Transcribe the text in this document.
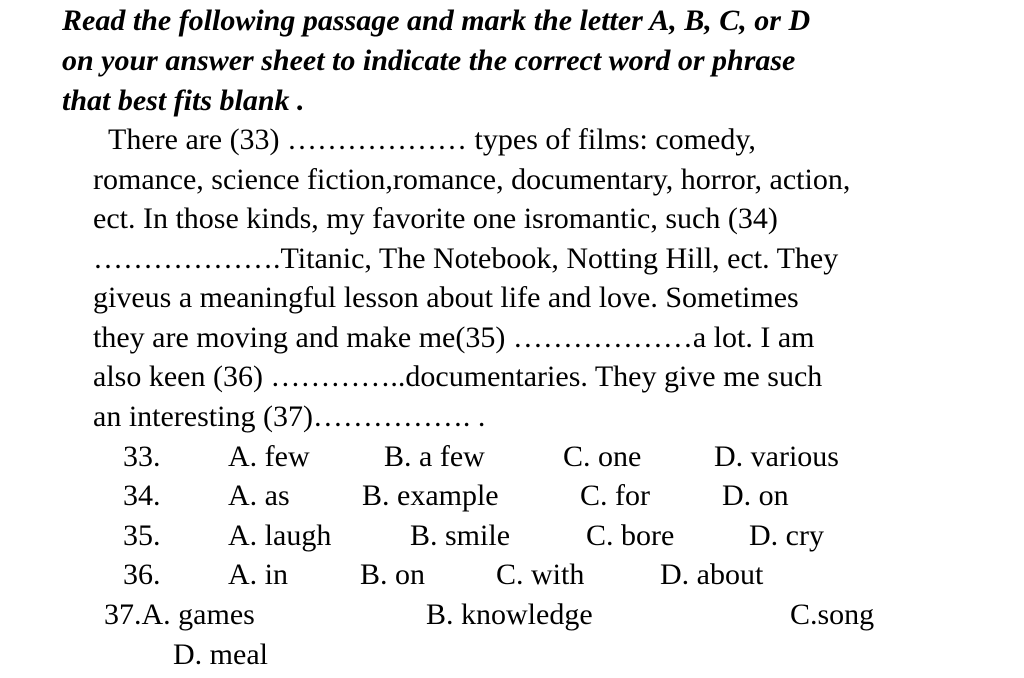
Read the following passage and mark the letter A, B, C, or D
on your answer sheet to indicate the correct word or phrase
that best fits blank .
There are (33) ……………… types of films: comedy,
romance, science fiction,romance, documentary, horror, action,
ect. In those kinds, my favorite one isromantic, such (34)
……………….Titanic, The Notebook, Notting Hill, ect. They
giveus a meaningful lesson about life and love. Sometimes
they are moving and make me(35) ………………a lot. I am
also keen (36) …………..documentaries. They give me such
an interesting (37)……………. .
33. A. few B. a few	C. one D. various
34. A. as B. example	C. for D. on
35. A. laugh	B. smile	C. bore D. cry
36. A. in B. on C. with	D. about
37.A. games	B. knowledge	C.song
D. meal
